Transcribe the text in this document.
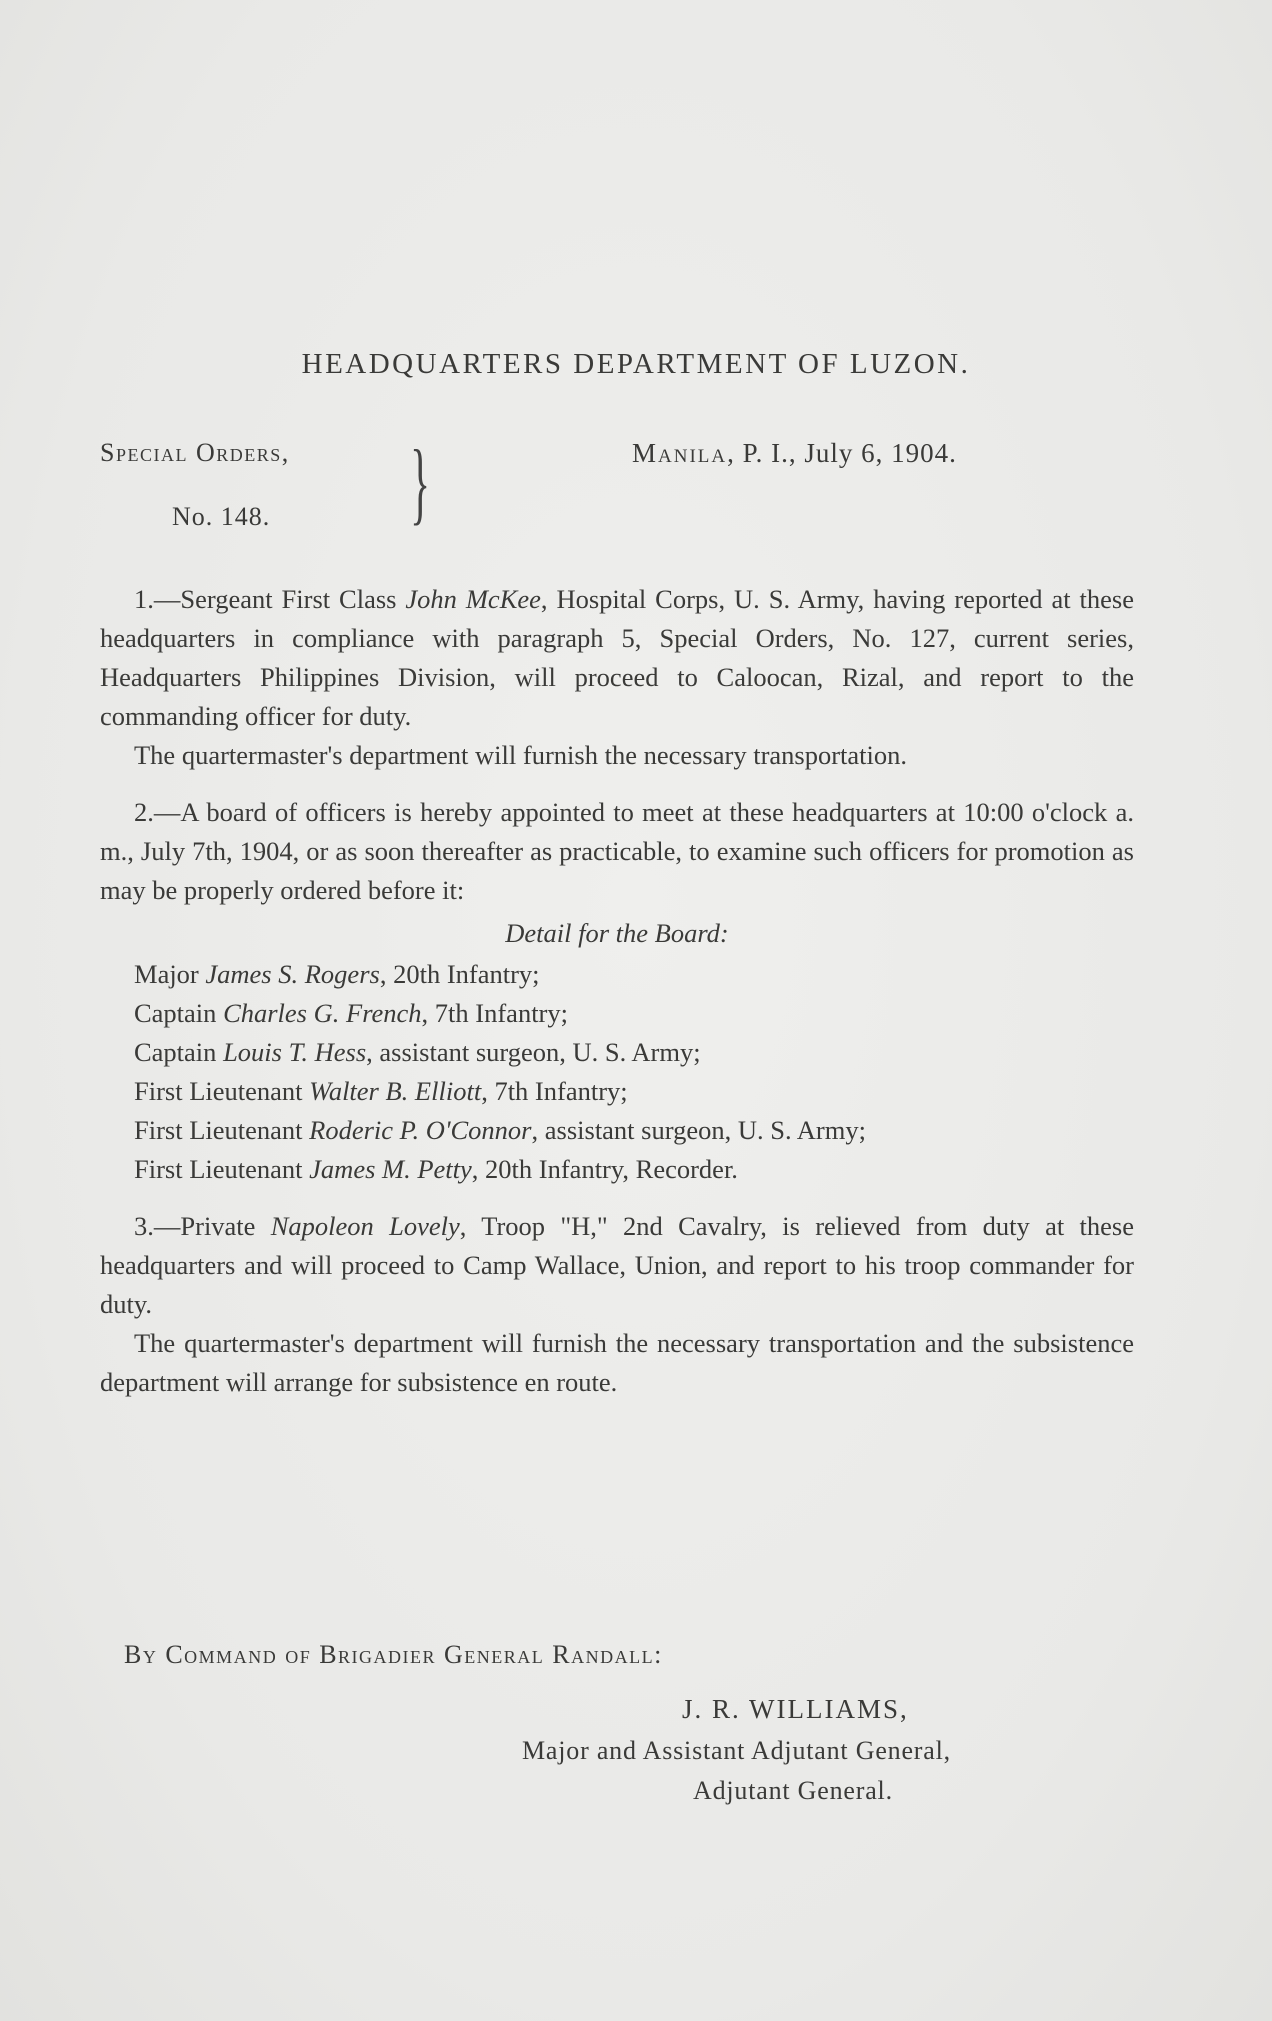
HEADQUARTERS DEPARTMENT OF LUZON.
Special Orders, }
No. 148.
Manila, P. I., July 6, 1904.

1.—Sergeant First Class John McKee, Hospital Corps, U. S. Army, having reported at these headquarters in compliance with paragraph 5, Special Orders, No. 127, current series, Headquarters Philippines Division, will proceed to Caloocan, Rizal, and report to the commanding officer for duty.

The quartermaster's department will furnish the necessary transportation.

2.—A board of officers is hereby appointed to meet at these headquarters at 10:00 o'clock a. m., July 7th, 1904, or as soon thereafter as practicable, to examine such officers for promotion as may be properly ordered before it:

Detail for the Board:

Major James S. Rogers, 20th Infantry;

Captain Charles G. French, 7th Infantry;

Captain Louis T. Hess, assistant surgeon, U. S. Army;

First Lieutenant Walter B. Elliott, 7th Infantry;

First Lieutenant Roderic P. O'Connor, assistant surgeon, U. S. Army;

First Lieutenant James M. Petty, 20th Infantry, Recorder.

3.—Private Napoleon Lovely, Troop "H," 2nd Cavalry, is relieved from duty at these headquarters and will proceed to Camp Wallace, Union, and report to his troop commander for duty.

The quartermaster's department will furnish the necessary transportation and the subsistence department will arrange for subsistence en route.

By Command of Brigadier General Randall:
J. R. WILLIAMS,
Major and Assistant Adjutant General,
Adjutant General.
